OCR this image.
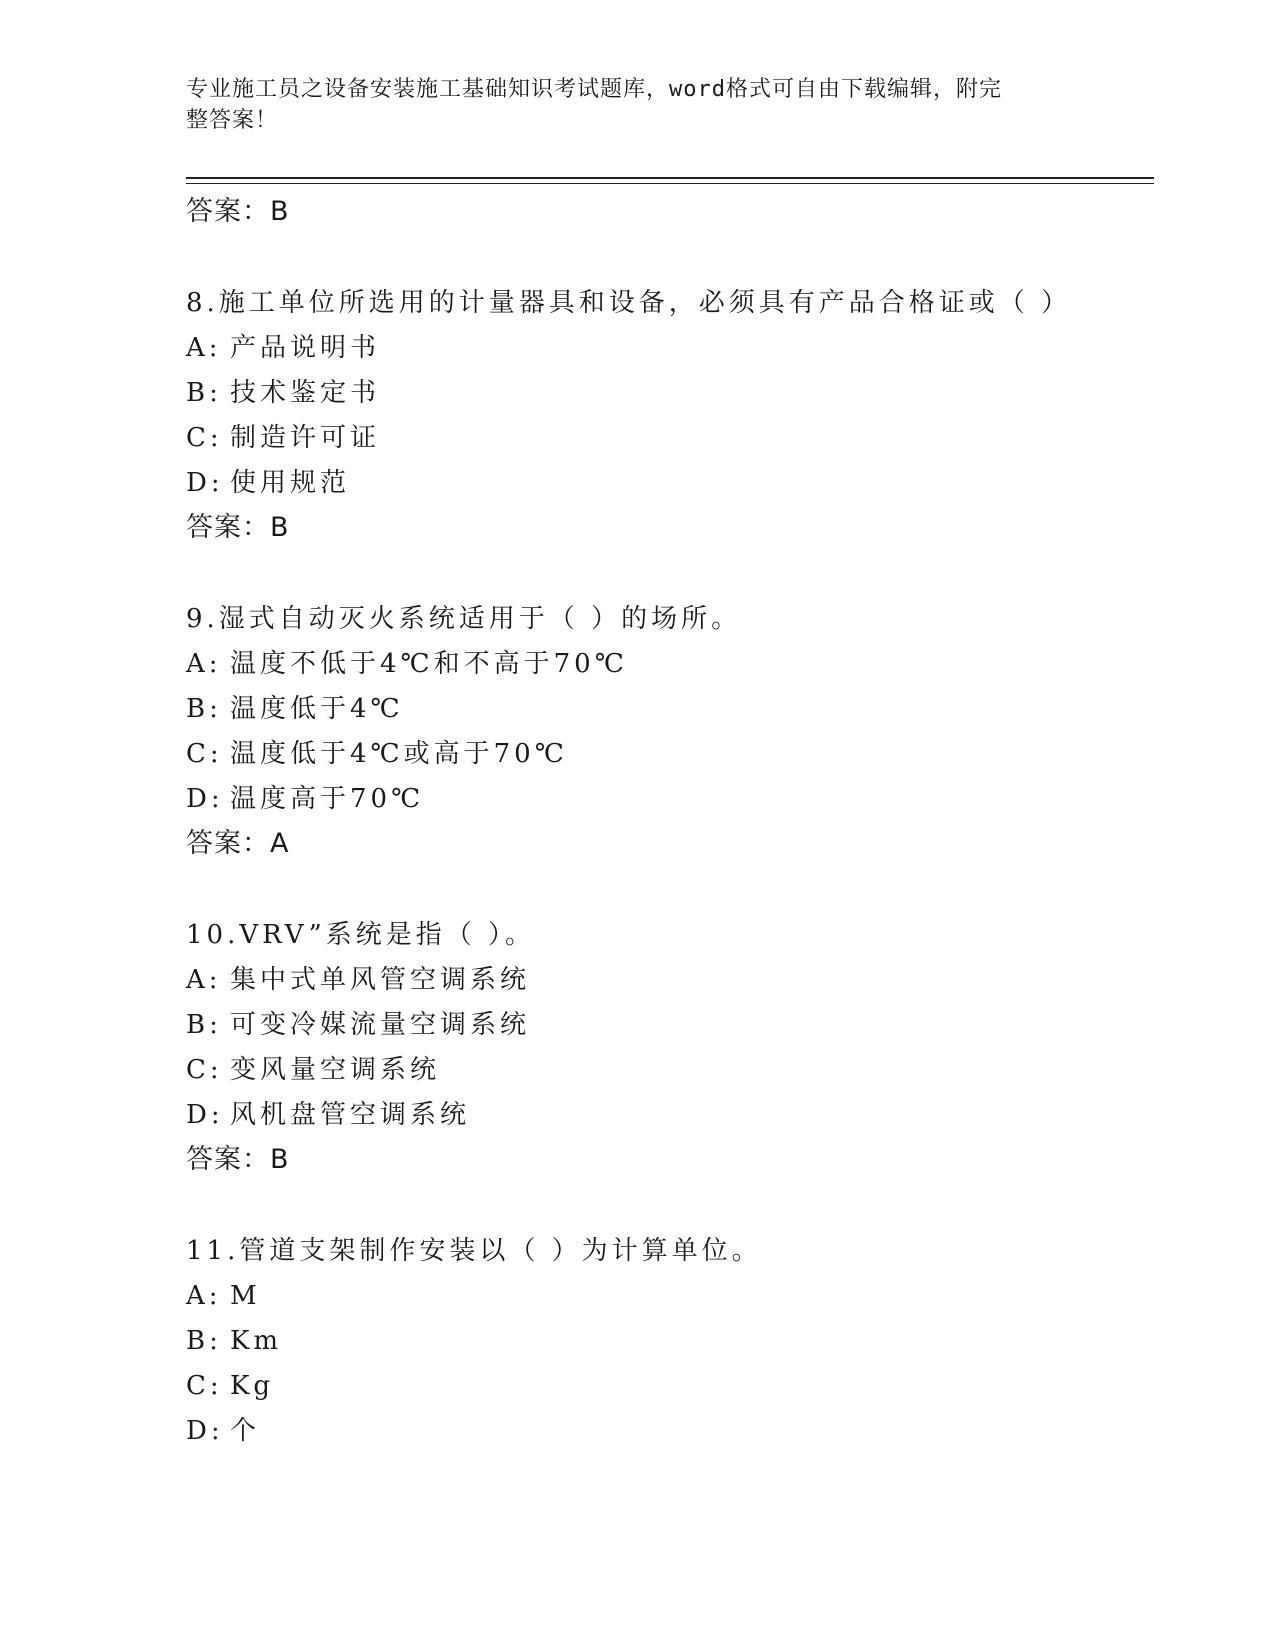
专业施工员之设备安装施工基础知识考试题库，word格式可自由下载编辑，附完
整答案！
答案：B
8.施工单位所选用的计量器具和设备，必须具有产品合格证或（ ）
A: 产品说明书
B: 技术鉴定书
C: 制造许可证
D: 使用规范
答案：B
9.湿式自动灭火系统适用于（ ）的场所。
A: 温度不低于4℃和不高于70℃
B: 温度低于4℃
C: 温度低于4℃或高于70℃
D: 温度高于70℃
答案：A
10.VRV”系统是指（ ）。
A: 集中式单风管空调系统
B: 可变冷媒流量空调系统
C: 变风量空调系统
D: 风机盘管空调系统
答案：B
11.管道支架制作安装以（ ）为计算单位。
A: M
B: Km
C: Kg
D: 个
